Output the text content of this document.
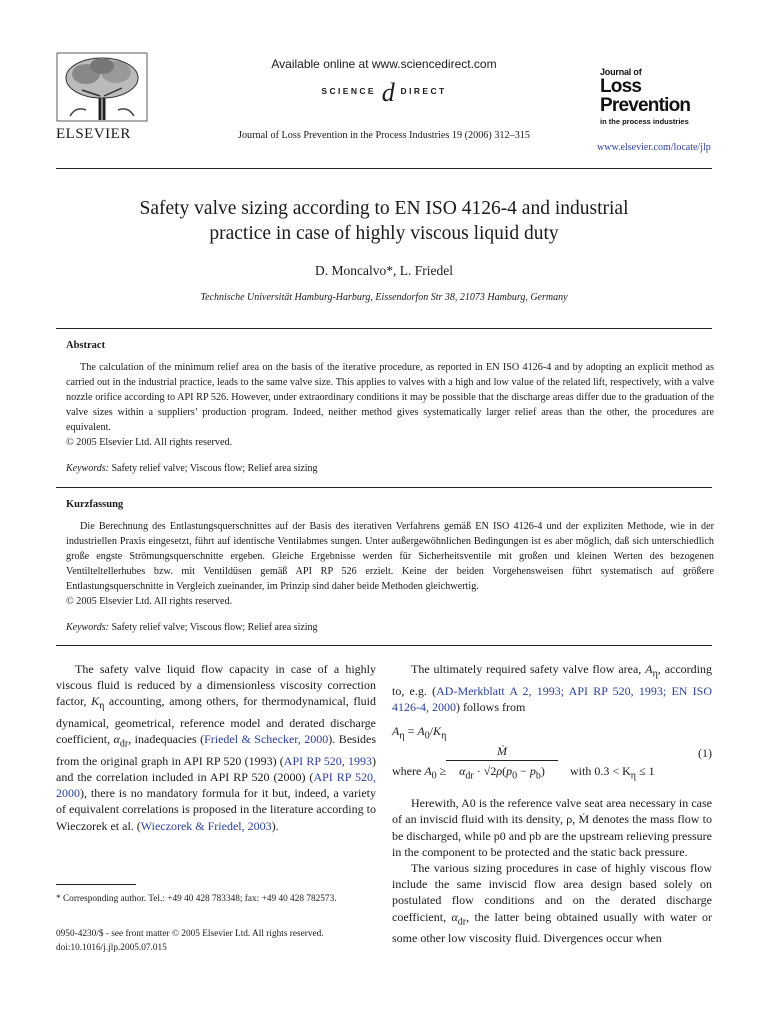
ELSEVIER
Available online at www.sciencedirect.com
SCIENCE d DIRECT
Journal of Loss Prevention in the Process Industries 19 (2006) 312–315
Journal of
Loss
Prevention
in the process industries
www.elsevier.com/locate/jlp
Safety valve sizing according to EN ISO 4126-4 and industrial
practice in case of highly viscous liquid duty
D. Moncalvo*, L. Friedel
Technische Universität Hamburg-Harburg, Eissendorfon Str 38, 21073 Hamburg, Germany
Abstract
The calculation of the minimum relief area on the basis of the iterative procedure, as reported in EN ISO 4126-4 and by adopting an explicit method as carried out in the industrial practice, leads to the same valve size. This applies to valves with a high and low value of the related lift, respectively, with a valve nozzle orifice according to API RP 526. However, under extraordinary conditions it may be possible that the discharge areas differ due to the graduation of the valve sizes within a suppliers’ production program. Indeed, neither method gives systematically larger relief areas than the other, the procedures are equivalent.
© 2005 Elsevier Ltd. All rights reserved.
Keywords: Safety relief valve; Viscous flow; Relief area sizing
Kurzfassung
Die Berechnung des Entlastungsquerschnittes auf der Basis des iterativen Verfahrens gemäß EN ISO 4126-4 und der expliziten Methode, wie in der industriellen Praxis eingesetzt, führt auf identische Ventilabmes sungen. Unter außergewöhnlichen Bedingungen ist es aber möglich, daß sich unterschiedlich große engste Strömungsquerschnitte ergeben. Gleiche Ergebnisse werden für Sicherheitsventile mit großen und kleinen Werten des bezogenen Ventilteltellerhubes bzw. mit Ventildüsen gemäß API RP 526 erzielt. Keine der beiden Vorgehensweisen führt systematisch auf größere Entlastungsquerschnitte in Vergleich zueinander, im Prinzip sind daher beide Methoden gleichwertig.
© 2005 Elsevier Ltd. All rights reserved.
Keywords: Safety relief valve; Viscous flow; Relief area sizing

The safety valve liquid flow capacity in case of a highly viscous fluid is reduced by a dimensionless viscosity correction factor, $K_\eta$ accounting, among others, for thermodynamical, fluid dynamical, geometrical, reference model and derated discharge coefficient, $\alpha_{dr}$, inadequacies (Friedel & Schecker, 2000). Besides from the original graph in API RP 520 (1993) (API RP 520, 1993) and the correlation included in API RP 520 (2000) (API RP 520, 2000), there is no mandatory formula for it but, indeed, a variety of equivalent correlations is proposed in the literature according to Wieczorek et al. (Wieczorek & Friedel, 2003).

* Corresponding author. Tel.: +49 40 428 783348; fax: +49 40 428 782573.
0950-4230/$ - see front matter © 2005 Elsevier Ltd. All rights reserved.
doi:10.1016/j.jlp.2005.07.015

The ultimately required safety valve flow area, $A_\eta$, according to, e.g. (AD-Merkblatt A 2, 1993; API RP 520, 1993; EN ISO 4126-4, 2000) follows from

$A_\eta = A_0/K_\eta$
where $A_0$ ≥
Ṁ
$\alpha_{dr} \cdot √2\rho(p_0 - p_b)$	with $0.3 < K_\eta \le 1$
(1)

Herewith, A0 is the reference valve seat area necessary in case of an inviscid fluid with its density, ρ, Ṁ denotes the mass flow to be discharged, while p0 and pb are the upstream relieving pressure in the component to be protected and the static back pressure.

The various sizing procedures in case of highly viscous flow include the same inviscid flow area design based solely on postulated flow conditions and on the derated discharge coefficient, $\alpha_{dr}$, the latter being obtained usually with water or some other low viscosity fluid. Divergences occur when
